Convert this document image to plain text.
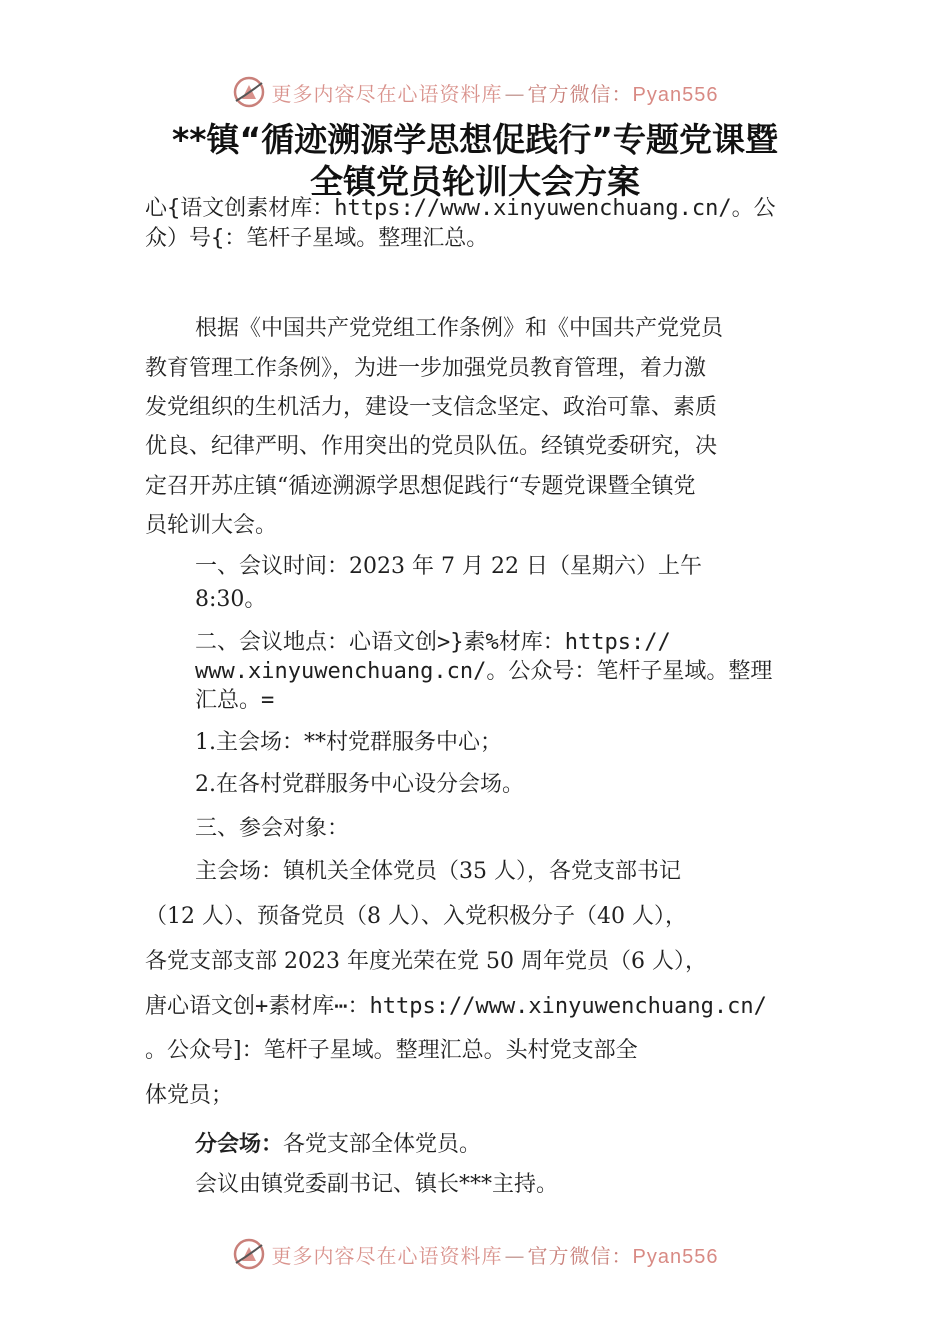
更多内容尽在心语资料库 — 官方微信：Pyan556
**镇“循迹溯源学思想促践行”专题党课暨
全镇党员轮训大会方案
心{语文创素材库：https://www.xinyuwenchuang.cn/。公
众）号{：笔杆子星域。整理汇总。
根据《中国共产党党组工作条例》和《中国共产党党员
教育管理工作条例》，为进一步加强党员教育管理，着力激
发党组织的生机活力，建设一支信念坚定、政治可靠、素质
优良、纪律严明、作用突出的党员队伍。经镇党委研究，决
定召开苏庄镇“循迹溯源学思想促践行“专题党课暨全镇党
员轮训大会。
一、会议时间：2023 年 7 月 22 日（星期六）上午
8:30。
二、会议地点：心语文创>}素%材库：https://
www.xinyuwenchuang.cn/。公众号：笔杆子星域。整理
汇总。=
1.主会场：**村党群服务中心；
2.在各村党群服务中心设分会场。
三、参会对象：
主会场：镇机关全体党员（35 人），各党支部书记
（12 人）、预备党员（8 人）、入党积极分子（40 人），
各党支部支部 2023 年度光荣在党 50 周年党员（6 人），
唐心语文创+素材库⋯：https://www.xinyuwenchuang.cn/
。公众号]：笔杆子星域。整理汇总。头村党支部全
体党员；
分会场：各党支部全体党员。
会议由镇党委副书记、镇长***主持。
更多内容尽在心语资料库 — 官方微信：Pyan556
